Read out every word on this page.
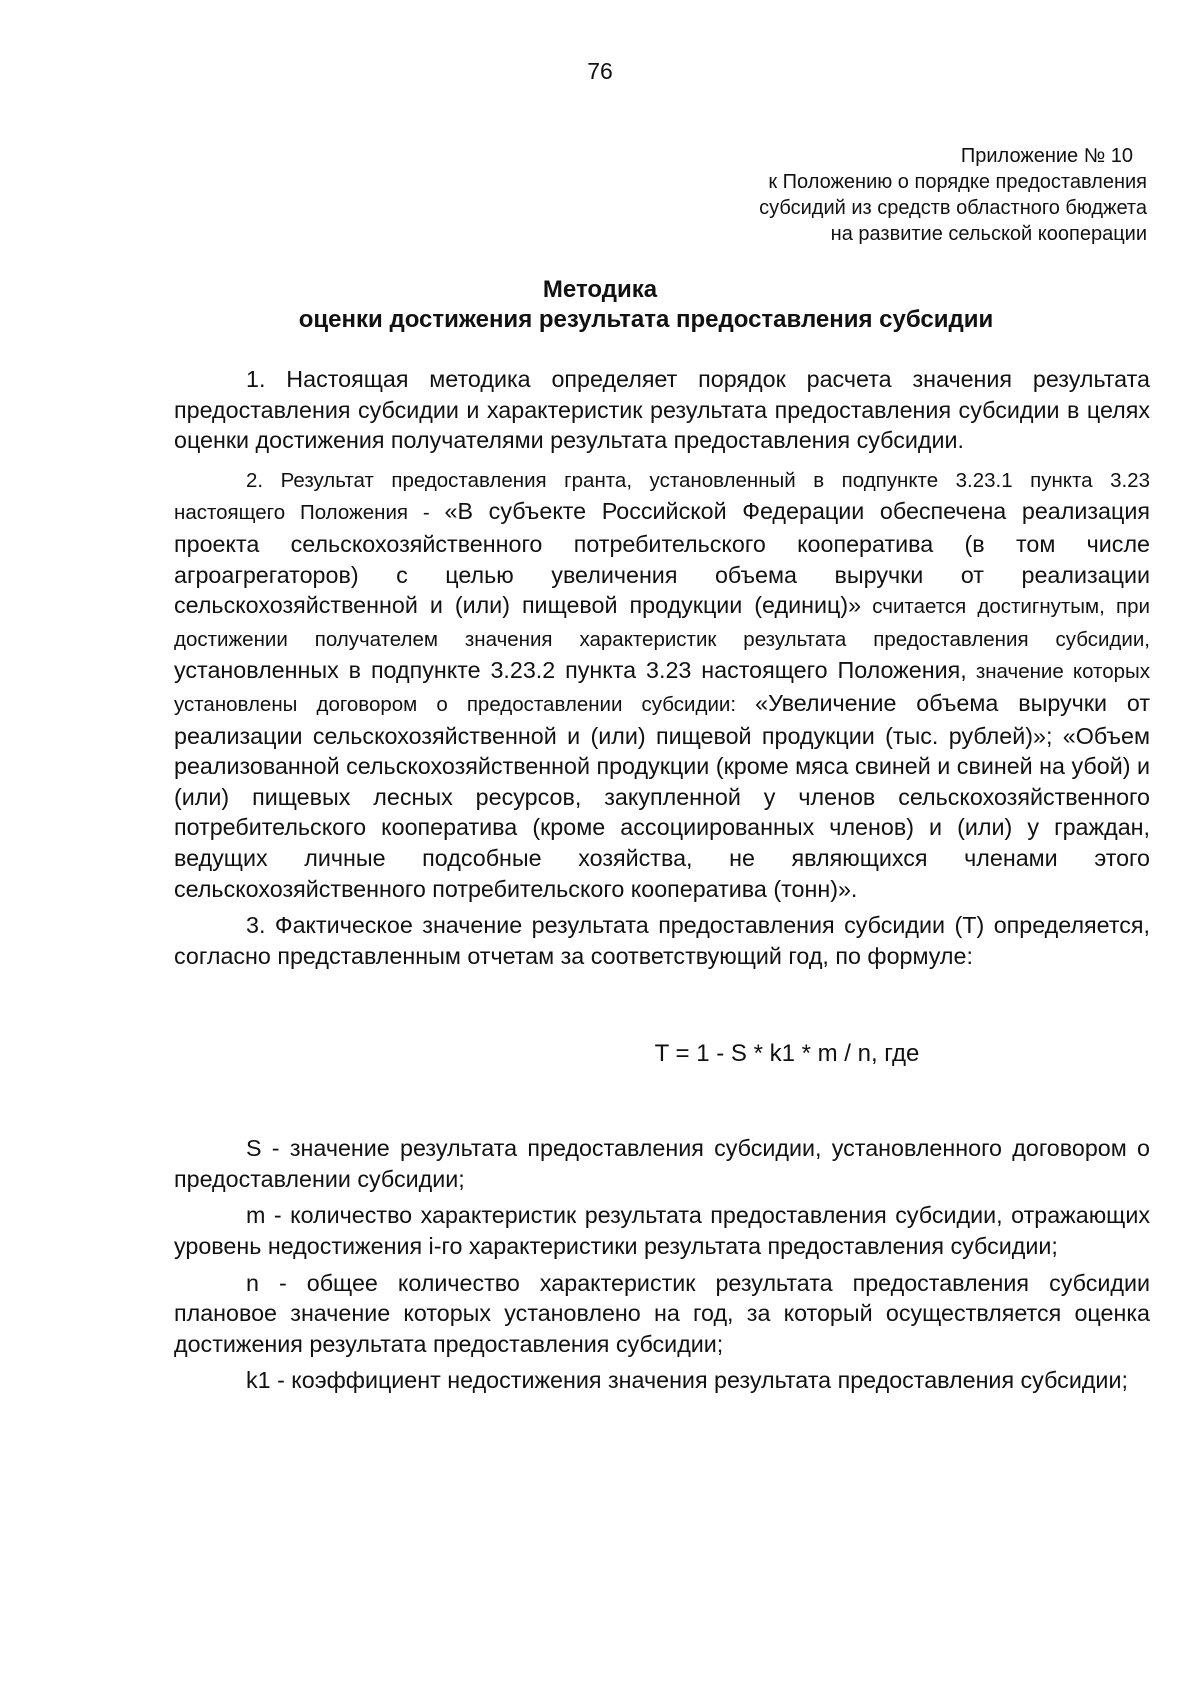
76
Приложение № 10
к Положению о порядке предоставления
субсидий из средств областного бюджета
на развитие сельской кооперации
Методика
оценки достижения результата предоставления субсидии

1. Настоящая методика определяет порядок расчета значения результата предоставления субсидии и характеристик результата предоставления субсидии в целях оценки достижения получателями результата предоставления субсидии.

2. Результат предоставления гранта, установленный в подпункте 3.23.1 пункта 3.23 настоящего Положения - «В субъекте Российской Федерации обеспечена реализация проекта сельскохозяйственного потребительского кооператива (в том числе агроагрегаторов) с целью увеличения объема выручки от реализации сельскохозяйственной и (или) пищевой продукции (единиц)» считается достигнутым, при достижении получателем значения характеристик результата предоставления субсидии, установленных в подпункте 3.23.2 пункта 3.23 настоящего Положения, значение которых установлены договором о предоставлении субсидии: «Увеличение объема выручки от реализации сельскохозяйственной и (или) пищевой продукции (тыс. рублей)»; «Объем реализованной сельскохозяйственной продукции (кроме мяса свиней и свиней на убой) и (или) пищевых лесных ресурсов, закупленной у членов сельскохозяйственного потребительского кооператива (кроме ассоциированных членов) и (или) у граждан, ведущих личные подсобные хозяйства, не являющихся членами этого сельскохозяйственного потребительского кооператива (тонн)».

3. Фактическое значение результата предоставления субсидии (T) определяется, согласно представленным отчетам за соответствующий год, по формуле:

T = 1 - S * k1 * m / n, где

S - значение результата предоставления субсидии, установленного договором о предоставлении субсидии;

m - количество характеристик результата предоставления субсидии, отражающих уровень недостижения i-го характеристики результата предоставления субсидии;

n - общее количество характеристик результата предоставления субсидии плановое значение которых установлено на год, за который осуществляется оценка достижения результата предоставления субсидии;

k1 - коэффициент недостижения значения результата предоставления субсидии;
